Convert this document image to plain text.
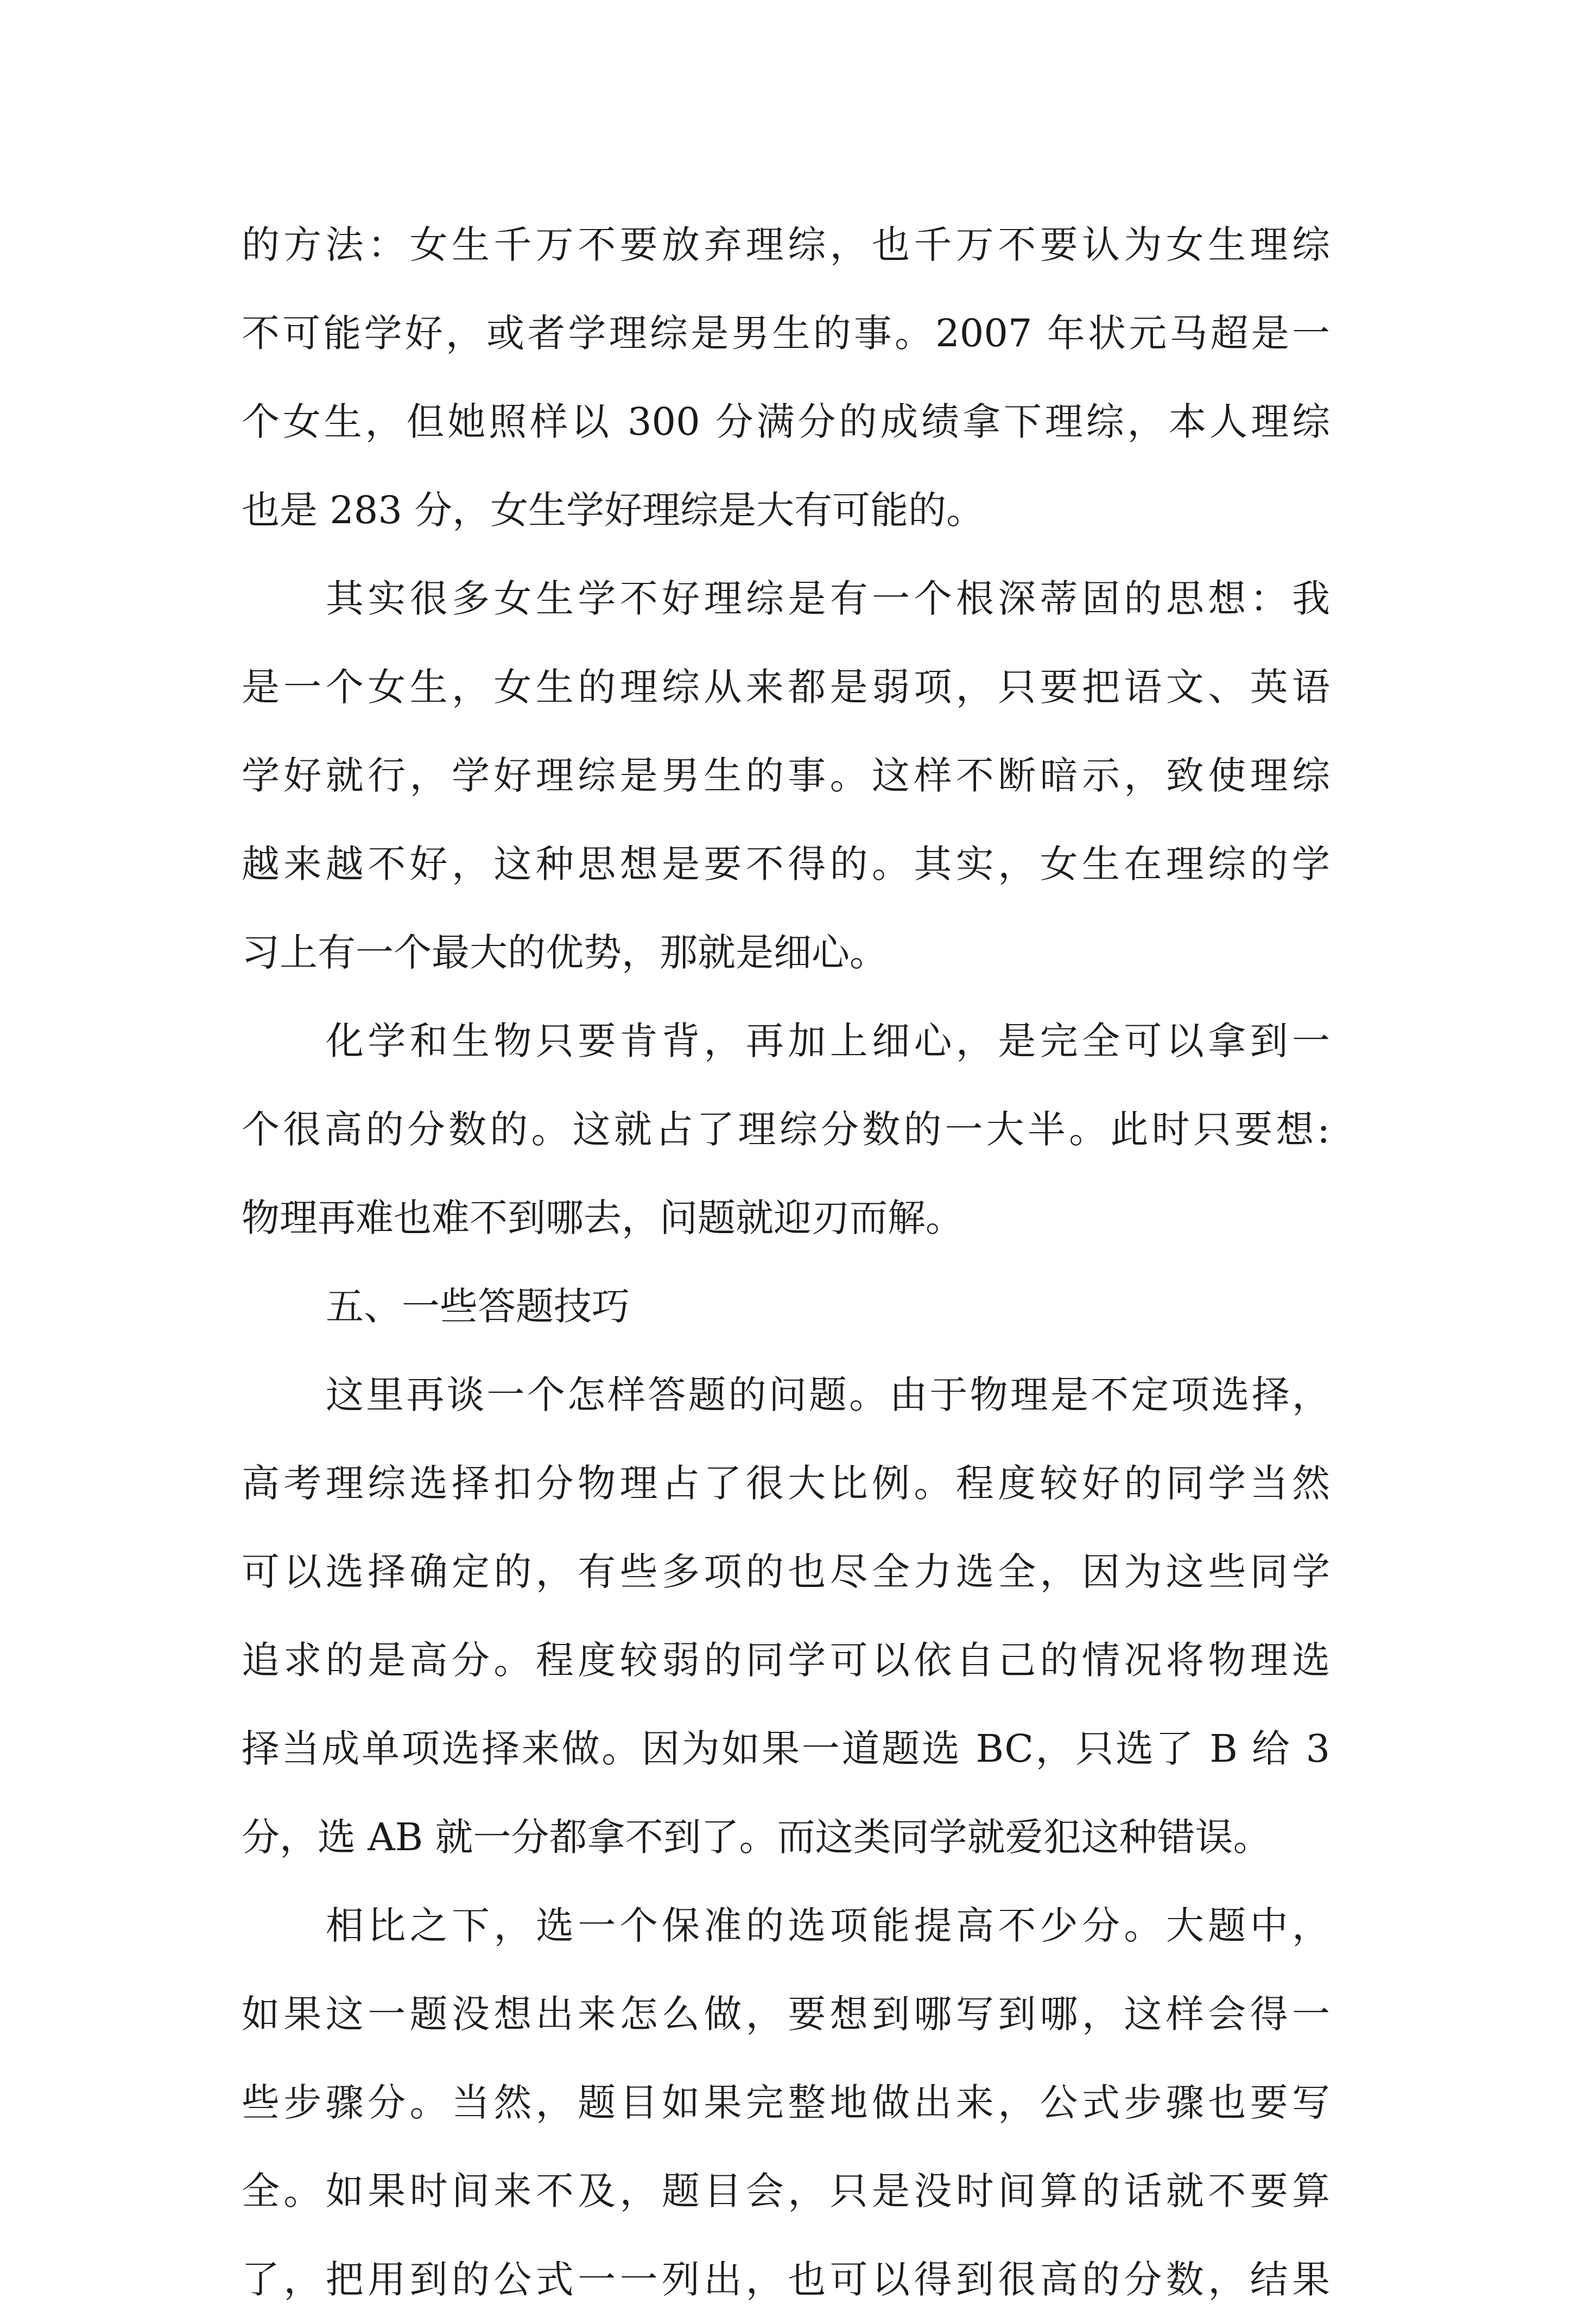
的方法：女生千万不要放弃理综，也千万不要认为女生理综
不可能学好，或者学理综是男生的事。2007 年状元马超是一
个女生，但她照样以 300 分满分的成绩拿下理综，本人理综
也是 283 分，女生学好理综是大有可能的。
其实很多女生学不好理综是有一个根深蒂固的思想：我
是一个女生，女生的理综从来都是弱项，只要把语文、英语
学好就行，学好理综是男生的事。这样不断暗示，致使理综
越来越不好，这种思想是要不得的。其实，女生在理综的学
习上有一个最大的优势，那就是细心。
化学和生物只要肯背，再加上细心，是完全可以拿到一
个很高的分数的。这就占了理综分数的一大半。此时只要想:
物理再难也难不到哪去，问题就迎刃而解。
五、一些答题技巧
这里再谈一个怎样答题的问题。由于物理是不定项选择，
高考理综选择扣分物理占了很大比例。程度较好的同学当然
可以选择确定的，有些多项的也尽全力选全，因为这些同学
追求的是高分。程度较弱的同学可以依自己的情况将物理选
择当成单项选择来做。因为如果一道题选 BC，只选了 B 给 3
分，选 AB 就一分都拿不到了。而这类同学就爱犯这种错误。
相比之下，选一个保准的选项能提高不少分。大题中，
如果这一题没想出来怎么做，要想到哪写到哪，这样会得一
些步骤分。当然，题目如果完整地做出来，公式步骤也要写
全。如果时间来不及，题目会，只是没时间算的话就不要算
了，把用到的公式一一列出，也可以得到很高的分数，结果
